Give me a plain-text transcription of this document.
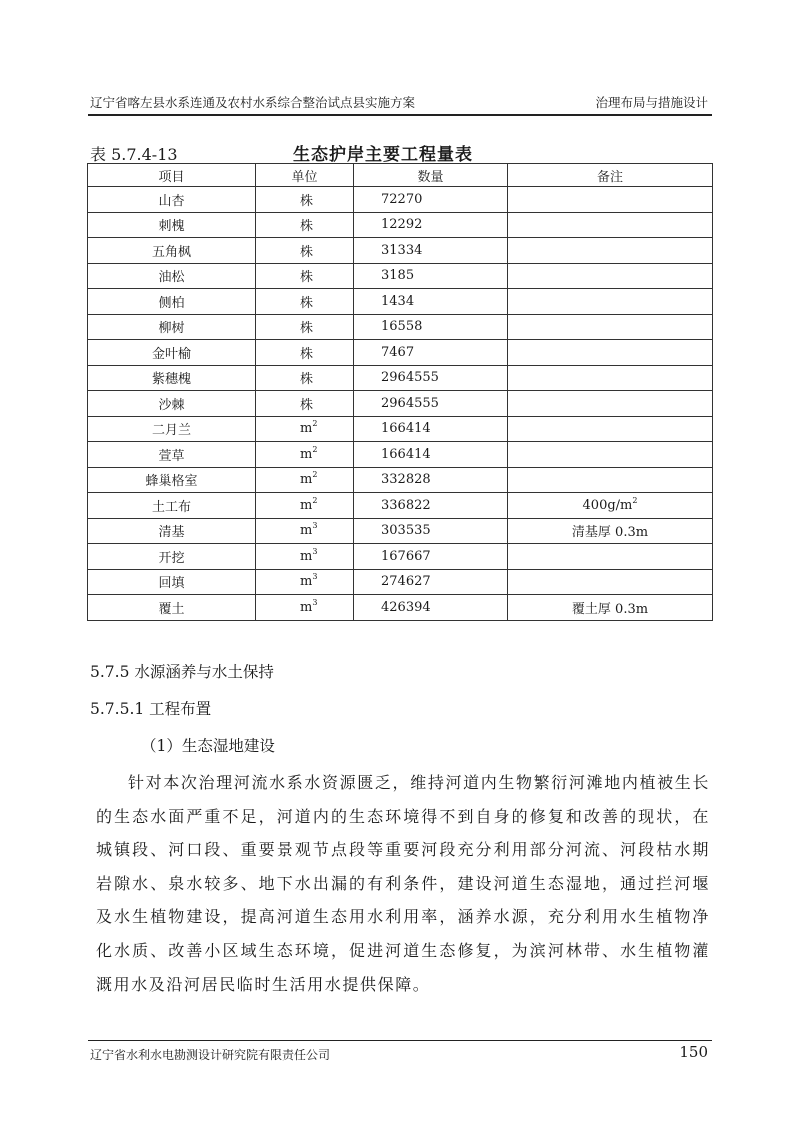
辽宁省喀左县水系连通及农村水系综合整治试点县实施方案	治理布局与措施设计
表 5.7.4-13	生态护岸主要工程量表
项目	单位	数量	备注
山杏	株	72270	
刺槐	株	12292	
五角枫	株	31334	
油松	株	3185	
侧柏	株	1434	
柳树	株	16558	
金叶榆	株	7467	
紫穗槐	株	2964555	
沙棘	株	2964555	
二月兰	$m^2$	166414	
萱草	$m^2$	166414	
蜂巢格室	$m^2$	332828	
土工布	$m^2$	336822	$400g/m^2$
清基	$m^3$	303535	清基厚 0.3m
开挖	$m^3$	167667	
回填	$m^3$	274627	
覆土	$m^3$	426394	覆土厚 0.3m
5.7.5 水源涵养与水土保持
5.7.5.1 工程布置
（1）生态湿地建设

针对本次治理河流水系水资源匮乏，维持河道内生物繁衍河滩地内植被生长的生态水面严重不足，河道内的生态环境得不到自身的修复和改善的现状，在城镇段、河口段、重要景观节点段等重要河段充分利用部分河流、河段枯水期岩隙水、泉水较多、地下水出漏的有利条件，建设河道生态湿地，通过拦河堰及水生植物建设，提高河道生态用水利用率，涵养水源，充分利用水生植物净化水质、改善小区域生态环境，促进河道生态修复，为滨河林带、水生植物灌溉用水及沿河居民临时生活用水提供保障。

辽宁省水利水电勘测设计研究院有限责任公司	150
